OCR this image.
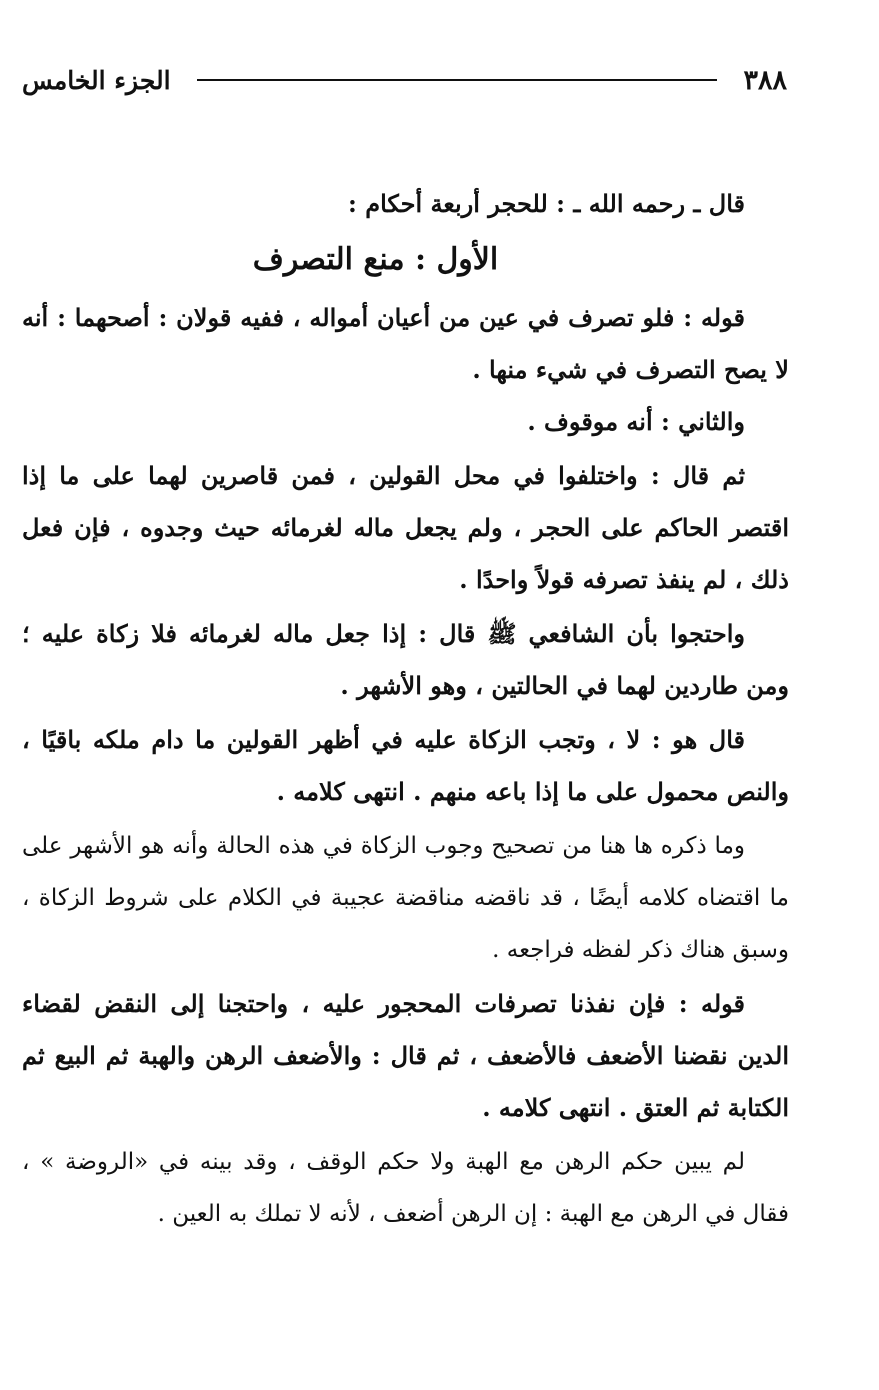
٣٨٨
الجزء الخامس

قال ـ رحمه الله ـ : للحجر أربعة أحكام :

الأول : منع التصرف

قوله : فلو تصرف في عين من أعيان أمواله ، ففيه قولان : أصحهما : أنه لا يصح التصرف في شيء منها .

والثاني : أنه موقوف .

ثم قال : واختلفوا في محل القولين ، فمن قاصرين لهما على ما إذا اقتصر الحاكم على الحجر ، ولم يجعل ماله لغرمائه حيث وجدوه ، فإن فعل ذلك ، لم ينفذ تصرفه قولاً واحدًا .

واحتجوا بأن الشافعي ﷺ قال : إذا جعل ماله لغرمائه فلا زكاة عليه ؛ ومن طاردين لهما في الحالتين ، وهو الأشهر .

قال هو : لا ، وتجب الزكاة عليه في أظهر القولين ما دام ملكه باقيًا ، والنص محمول على ما إذا باعه منهم . انتهى كلامه .

وما ذكره ها هنا من تصحيح وجوب الزكاة في هذه الحالة وأنه هو الأشهر على ما اقتضاه كلامه أيضًا ، قد ناقضه مناقضة عجيبة في الكلام على شروط الزكاة ، وسبق هناك ذكر لفظه فراجعه .

قوله : فإن نفذنا تصرفات المحجور عليه ، واحتجنا إلى النقض لقضاء الدين نقضنا الأضعف فالأضعف ، ثم قال : والأضعف الرهن والهبة ثم البيع ثم الكتابة ثم العتق . انتهى كلامه .

لم يبين حكم الرهن مع الهبة ولا حكم الوقف ، وقد بينه في «الروضة » ، فقال في الرهن مع الهبة : إن الرهن أضعف ، لأنه لا تملك به العين .
